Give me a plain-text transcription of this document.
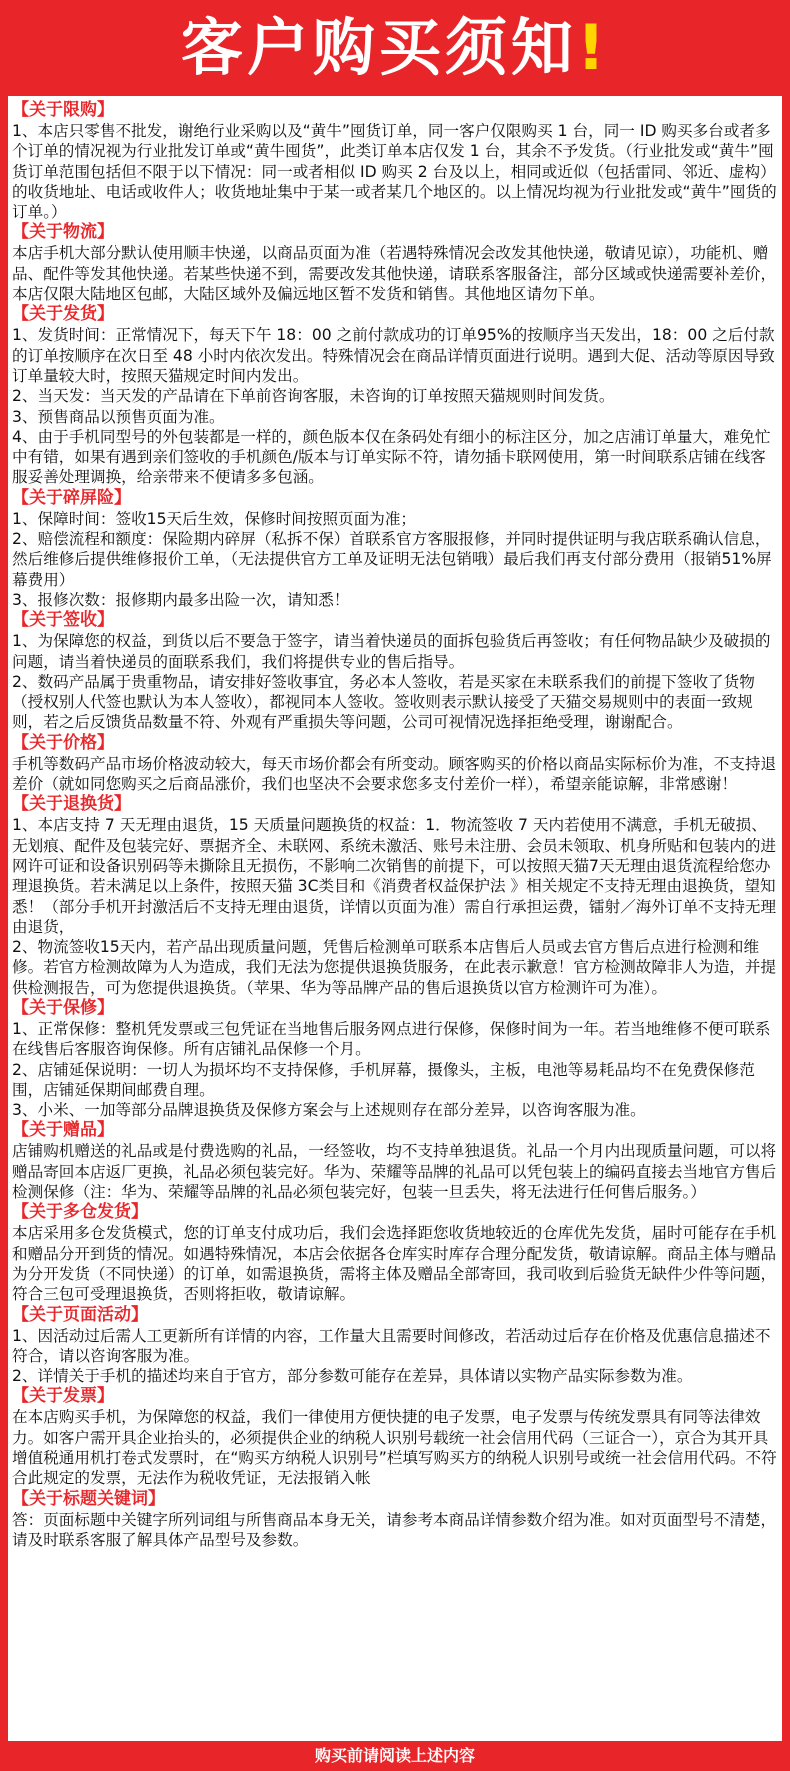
客户购买须知!
【关于限购】
1、本店只零售不批发，谢绝行业采购以及“黄牛”囤货订单，同一客户仅限购买 1 台，同一 ID 购买多台或者多个订单的情况视为行业批发订单或“黄牛囤货”，此类订单本店仅发 1 台，其余不予发货。（行业批发或“黄牛”囤货订单范围包括但不限于以下情况：同一或者相似 ID 购买 2 台及以上，相同或近似（包括雷同、邻近、虚构）的收货地址、电话或收件人；收货地址集中于某一或者某几个地区的。以上情况均视为行业批发或“黄牛”囤货的订单。）
【关于物流】
本店手机大部分默认使用顺丰快递，以商品页面为准（若遇特殊情况会改发其他快递，敬请见谅），功能机、赠品、配件等发其他快递。若某些快递不到，需要改发其他快递，请联系客服备注，部分区域或快递需要补差价，本店仅限大陆地区包邮，大陆区域外及偏远地区暂不发货和销售。其他地区请勿下单。
【关于发货】
1、发货时间：正常情况下，每天下午 18：00 之前付款成功的订单95%的按顺序当天发出，18：00 之后付款的订单按顺序在次日至 48 小时内依次发出。特殊情况会在商品详情页面进行说明。遇到大促、活动等原因导致订单量较大时，按照天猫规定时间内发出。
2、当天发：当天发的产品请在下单前咨询客服，未咨询的订单按照天猫规则时间发货。
3、预售商品以预售页面为准。
4、由于手机同型号的外包装都是一样的，颜色版本仅在条码处有细小的标注区分，加之店浦订单量大，难免忙中有错，如果有遇到亲们签收的手机颜色/版本与订单实际不符，请勿插卡联网使用，第一时间联系店铺在线客服妥善处理调换，给亲带来不便请多多包涵。
【关于碎屏险】
1、保障时间：签收15天后生效，保修时间按照页面为准；
2、赔偿流程和额度：保险期内碎屏（私拆不保）首联系官方客服报修，并同时提供证明与我店联系确认信息，然后维修后提供维修报价工单，（无法提供官方工单及证明无法包销哦）最后我们再支付部分费用（报销51%屏幕费用）
3、报修次数：报修期内最多出险一次，请知悉！
【关于签收】
1、为保障您的权益，到货以后不要急于签字，请当着快递员的面拆包验货后再签收；有任何物品缺少及破损的问题，请当着快递员的面联系我们，我们将提供专业的售后指导。
2、数码产品属于贵重物品，请安排好签收事宜，务必本人签收，若是买家在未联系我们的前提下签收了货物（授权别人代签也默认为本人签收），都视同本人签收。签收则表示默认接受了天猫交易规则中的表面一致规则，若之后反馈货品数量不符、外观有严重损失等问题，公司可视情况选择拒绝受理，谢谢配合。
【关于价格】
手机等数码产品市场价格波动较大，每天市场价都会有所变动。顾客购买的价格以商品实际标价为准，不支持退差价（就如同您购买之后商品涨价，我们也坚决不会要求您多支付差价一样），希望亲能谅解，非常感谢！
【关于退换货】
1、本店支持 7 天无理由退货，15 天质量问题换货的权益：1．物流签收 7 天内若使用不满意，手机无破损、无划痕、配件及包装完好、票据齐全、未联网、系统未激活、账号未注册、会员未领取、机身所贴和包装内的进网许可证和设备识别码等未撕除且无损伤，不影响二次销售的前提下，可以按照天猫7天无理由退货流程给您办理退换货。若未满足以上条件，按照天猫 3C类目和《消费者权益保护法 》相关规定不支持无理由退换货，望知悉！（部分手机开封激活后不支持无理由退货，详情以页面为准）需自行承担运费，镭射／海外订单不支持无理由退货，
2、物流签收15天内，若产品出现质量问题，凭售后检测单可联系本店售后人员或去官方售后点进行检测和维修。若官方检测故障为人为造成，我们无法为您提供退换货服务，在此表示歉意！官方检测故障非人为造，并提供检测报告，可为您提供退换货。（苹果、华为等品牌产品的售后退换货以官方检测许可为准）。
【关于保修】
1、正常保修：整机凭发票或三包凭证在当地售后服务网点进行保修，保修时间为一年。若当地维修不便可联系在线售后客服咨询保修。所有店铺礼品保修一个月。
2、店铺延保说明：一切人为损坏均不支持保修，手机屏幕，摄像头，主板，电池等易耗品均不在免费保修范围，店铺延保期间邮费自理。
3、小米、一加等部分品牌退换货及保修方案会与上述规则存在部分差异，以咨询客服为准。
【关于赠品】
店铺购机赠送的礼品或是付费选购的礼品，一经签收，均不支持单独退货。礼品一个月内出现质量问题，可以将赠品寄回本店返厂更换，礼品必须包装完好。华为、荣耀等品牌的礼品可以凭包装上的编码直接去当地官方售后检测保修（注：华为、荣耀等品牌的礼品必须包装完好，包装一旦丢失，将无法进行任何售后服务。）
【关于多仓发货】
本店采用多仓发货模式，您的订单支付成功后，我们会选择距您收货地较近的仓库优先发货，届时可能存在手机和赠品分开到货的情况。如遇特殊情况，本店会依据各仓库实时库存合理分配发货，敬请谅解。商品主体与赠品为分开发货（不同快递）的订单，如需退换货，需将主体及赠品全部寄回，我司收到后验货无缺件少件等问题，符合三包可受理退换货，否则将拒收，敬请谅解。
【关于页面活动】
1、因活动过后需人工更新所有详情的内容，工作量大且需要时间修改，若活动过后存在价格及优惠信息描述不符合，请以咨询客服为准。
2、详情关于手机的描述均来自于官方，部分参数可能存在差异，具体请以实物产品实际参数为准。
【关于发票】
在本店购买手机，为保障您的权益，我们一律使用方便快捷的电子发票，电子发票与传统发票具有同等法律效力。如客户需开具企业抬头的，必须提供企业的纳税人识别号载统一社会信用代码（三证合一），京合为其开具增值税通用机打卷式发票时，在“购买方纳税人识别号”栏填写购买方的纳税人识别号或统一社会信用代码。不符合此规定的发票，无法作为税收凭证，无法报销入帐
【关于标题关键词】
答：页面标题中关键字所列词组与所售商品本身无关，请参考本商品详情参数介绍为准。如对页面型号不清楚，请及时联系客服了解具体产品型号及参数。
购买前请阅读上述内容
